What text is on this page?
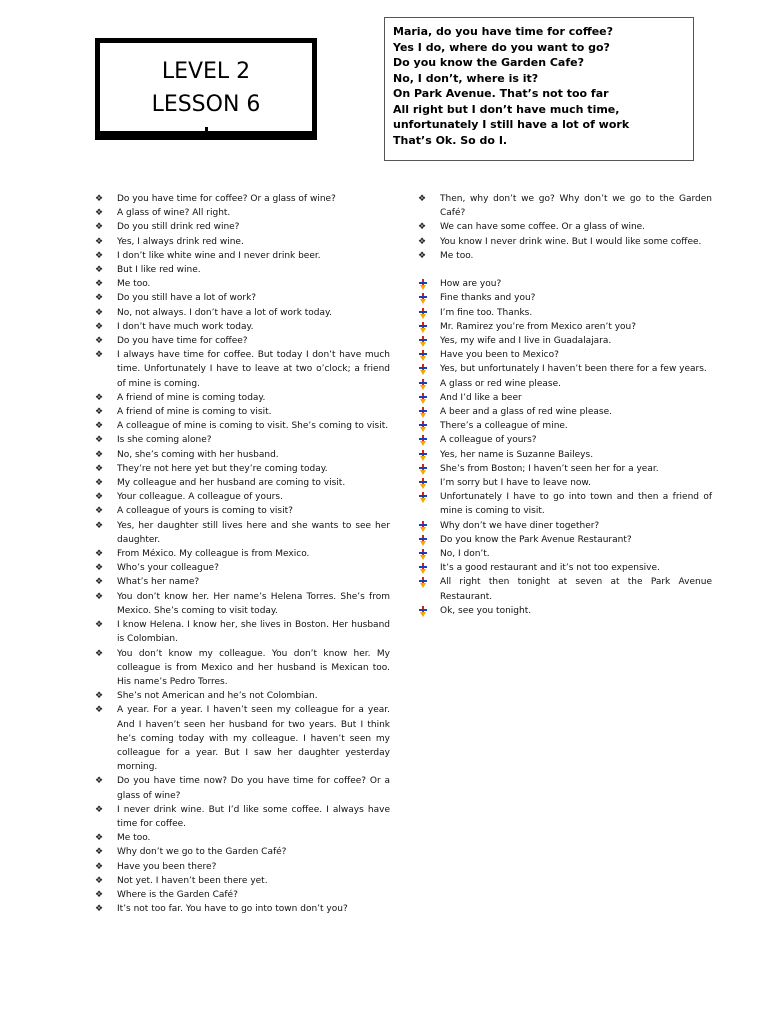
LEVEL 2
LESSON 6
Maria, do you have time for coffee?
Yes I do, where do you want to go?
Do you know the Garden Cafe?
No, I don’t, where is it?
On Park Avenue. That’s not too far
All right but I don’t have much time, unfortunately I still have a lot of work
That’s Ok. So do I.
❖ Do you have time for coffee? Or a glass of wine?
❖ A glass of wine? All right.
❖ Do you still drink red wine?
❖ Yes, I always drink red wine.
❖ I don’t like white wine and I never drink beer.
❖ But I like red wine.
❖ Me too.
❖ Do you still have a lot of work?
❖ No, not always. I don’t have a lot of work today.
❖ I don’t have much work today.
❖ Do you have time for coffee?
❖ I always have time for coffee. But today I don’t have much time. Unfortunately I have to leave at two o’clock; a friend of mine is coming.
❖ A friend of mine is coming today.
❖ A friend of mine is coming to visit.
❖ A colleague of mine is coming to visit. She’s coming to visit.
❖ Is she coming alone?
❖ No, she’s coming with her husband.
❖ They’re not here yet but they’re coming today.
❖ My colleague and her husband are coming to visit.
❖ Your colleague. A colleague of yours.
❖ A colleague of yours is coming to visit?
❖ Yes, her daughter still lives here and she wants to see her daughter.
❖ From México. My colleague is from Mexico.
❖ Who’s your colleague?
❖ What’s her name?
❖ You don’t know her. Her name’s Helena Torres. She’s from Mexico. She’s coming to visit today.
❖ I know Helena. I know her, she lives in Boston. Her husband is Colombian.
❖ You don’t know my colleague. You don’t know her. My colleague is from Mexico and her husband is Mexican too. His name’s Pedro Torres.
❖ She’s not American and he’s not Colombian.
❖ A year. For a year. I haven’t seen my colleague for a year. And I haven’t seen her husband for two years. But I think he’s coming today with my colleague. I haven’t seen my colleague for a year. But I saw her daughter yesterday morning.
❖ Do you have time now? Do you have time for coffee? Or a glass of wine?
❖ I never drink wine. But I’d like some coffee. I always have time for coffee.
❖ Me too.
❖ Why don’t we go to the Garden Café?
❖ Have you been there?
❖ Not yet. I haven’t been there yet.
❖ Where is the Garden Café?
❖ It’s not too far. You have to go into town don’t you?
❖ Then, why don’t we go? Why don’t we go to the Garden Café?
❖ We can have some coffee. Or a glass of wine.
❖ You know I never drink wine. But I would like some coffee.
❖ Me too.
How are you?
Fine thanks and you?
I’m fine too. Thanks.
Mr. Ramirez you’re from Mexico aren’t you?
Yes, my wife and I live in Guadalajara.
Have you been to Mexico?
Yes, but unfortunately I haven’t been there for a few years.
A glass or red wine please.
And I’d like a beer
A beer and a glass of red wine please.
There’s a colleague of mine.
A colleague of yours?
Yes, her name is Suzanne Baileys.
She’s from Boston; I haven’t seen her for a year.
I’m sorry but I have to leave now.
Unfortunately I have to go into town and then a friend of mine is coming to visit.
Why don’t we have diner together?
Do you know the Park Avenue Restaurant?
No, I don’t.
It’s a good restaurant and it’s not too expensive.
All right then tonight at seven at the Park Avenue Restaurant.
Ok, see you tonight.
